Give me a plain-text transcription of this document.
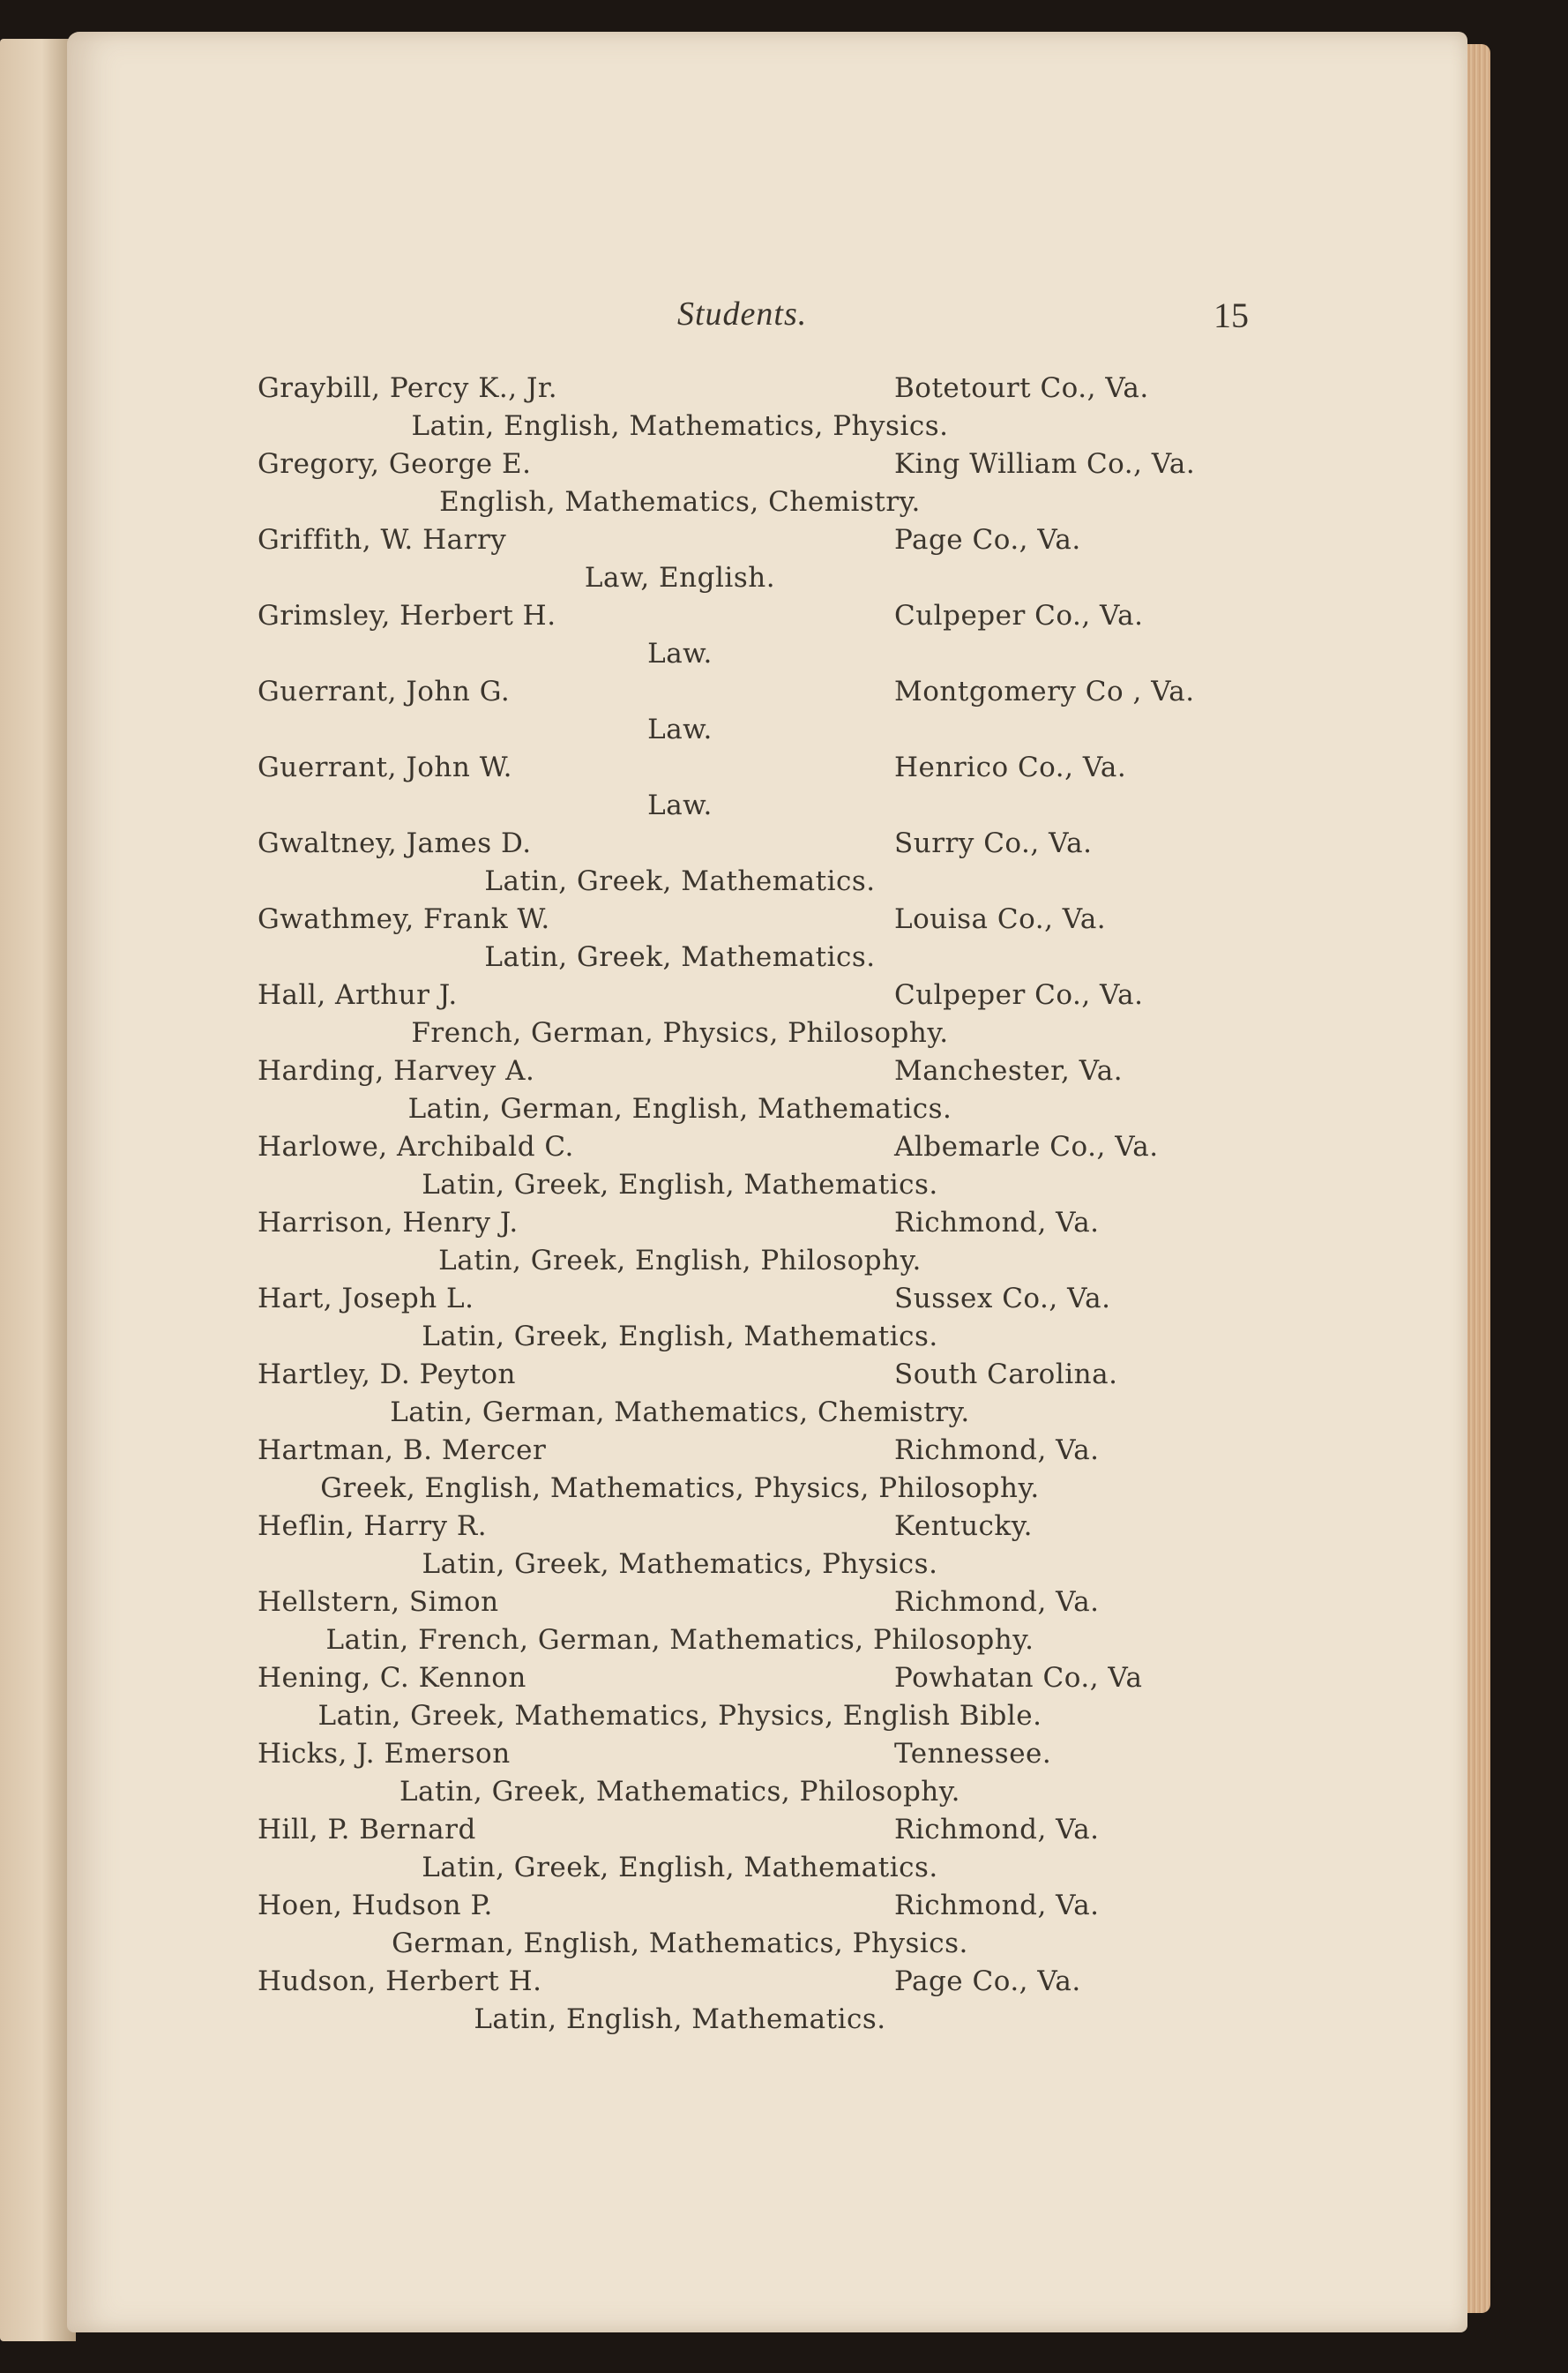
Students.	15
Graybill, Percy K., Jr.	Botetourt Co., Va.
Latin, English, Mathematics, Physics.
Gregory, George E.	King William Co., Va.
English, Mathematics, Chemistry.
Griffith, W. Harry	Page Co., Va.
Law, English.
Grimsley, Herbert H.	Culpeper Co., Va.
Law.
Guerrant, John G.	Montgomery Co , Va.
Law.
Guerrant, John W.	Henrico Co., Va.
Law.
Gwaltney, James D.	Surry Co., Va.
Latin, Greek, Mathematics.
Gwathmey, Frank W.	Louisa Co., Va.
Latin, Greek, Mathematics.
Hall, Arthur J.	Culpeper Co., Va.
French, German, Physics, Philosophy.
Harding, Harvey A.	Manchester, Va.
Latin, German, English, Mathematics.
Harlowe, Archibald C.	Albemarle Co., Va.
Latin, Greek, English, Mathematics.
Harrison, Henry J.	Richmond, Va.
Latin, Greek, English, Philosophy.
Hart, Joseph L.	Sussex Co., Va.
Latin, Greek, English, Mathematics.
Hartley, D. Peyton	South Carolina.
Latin, German, Mathematics, Chemistry.
Hartman, B. Mercer	Richmond, Va.
Greek, English, Mathematics, Physics, Philosophy.
Heflin, Harry R.	Kentucky.
Latin, Greek, Mathematics, Physics.
Hellstern, Simon	Richmond, Va.
Latin, French, German, Mathematics, Philosophy.
Hening, C. Kennon	Powhatan Co., Va
Latin, Greek, Mathematics, Physics, English Bible.
Hicks, J. Emerson	Tennessee.
Latin, Greek, Mathematics, Philosophy.
Hill, P. Bernard	Richmond, Va.
Latin, Greek, English, Mathematics.
Hoen, Hudson P.	Richmond, Va.
German, English, Mathematics, Physics.
Hudson, Herbert H.	Page Co., Va.
Latin, English, Mathematics.
